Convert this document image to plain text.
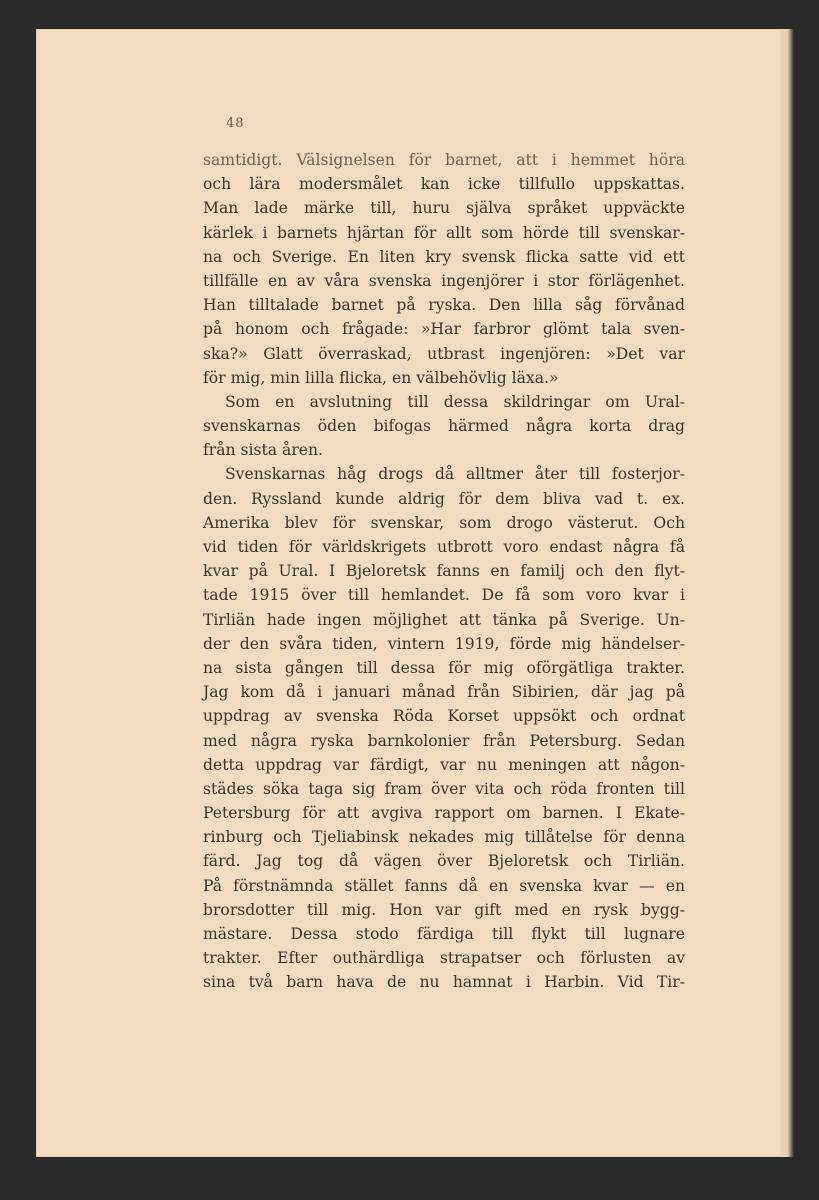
48
samtidigt. Välsignelsen för barnet, att i hemmet höra
och lära modersmålet kan icke tillfullo uppskattas.
Man lade märke till, huru själva språket uppväckte
kärlek i barnets hjärtan för allt som hörde till svenskar-
na och Sverige. En liten kry svensk flicka satte vid ett
tillfälle en av våra svenska ingenjörer i stor förlägenhet.
Han tilltalade barnet på ryska. Den lilla såg förvånad
på honom och frågade: »Har farbror glömt tala sven-
ska?» Glatt överraskad, utbrast ingenjören: »Det var
för mig, min lilla flicka, en välbehövlig läxa.»
Som en avslutning till dessa skildringar om Ural-
svenskarnas öden bifogas härmed några korta drag
från sista åren.
Svenskarnas håg drogs då alltmer åter till fosterjor-
den. Ryssland kunde aldrig för dem bliva vad t. ex.
Amerika blev för svenskar, som drogo västerut. Och
vid tiden för världskrigets utbrott voro endast några få
kvar på Ural. I Bjeloretsk fanns en familj och den flyt-
tade 1915 över till hemlandet. De få som voro kvar i
Tirliän hade ingen möjlighet att tänka på Sverige. Un-
der den svåra tiden, vintern 1919, förde mig händelser-
na sista gången till dessa för mig oförgätliga trakter.
Jag kom då i januari månad från Sibirien, där jag på
uppdrag av svenska Röda Korset uppsökt och ordnat
med några ryska barnkolonier från Petersburg. Sedan
detta uppdrag var färdigt, var nu meningen att någon-
städes söka taga sig fram över vita och röda fronten till
Petersburg för att avgiva rapport om barnen. I Ekate-
rinburg och Tjeliabinsk nekades mig tillåtelse för denna
färd. Jag tog då vägen över Bjeloretsk och Tirliän.
På förstnämnda stället fanns då en svenska kvar — en
brorsdotter till mig. Hon var gift med en rysk bygg-
mästare. Dessa stodo färdiga till flykt till lugnare
trakter. Efter outhärdliga strapatser och förlusten av
sina två barn hava de nu hamnat i Harbin. Vid Tir-
